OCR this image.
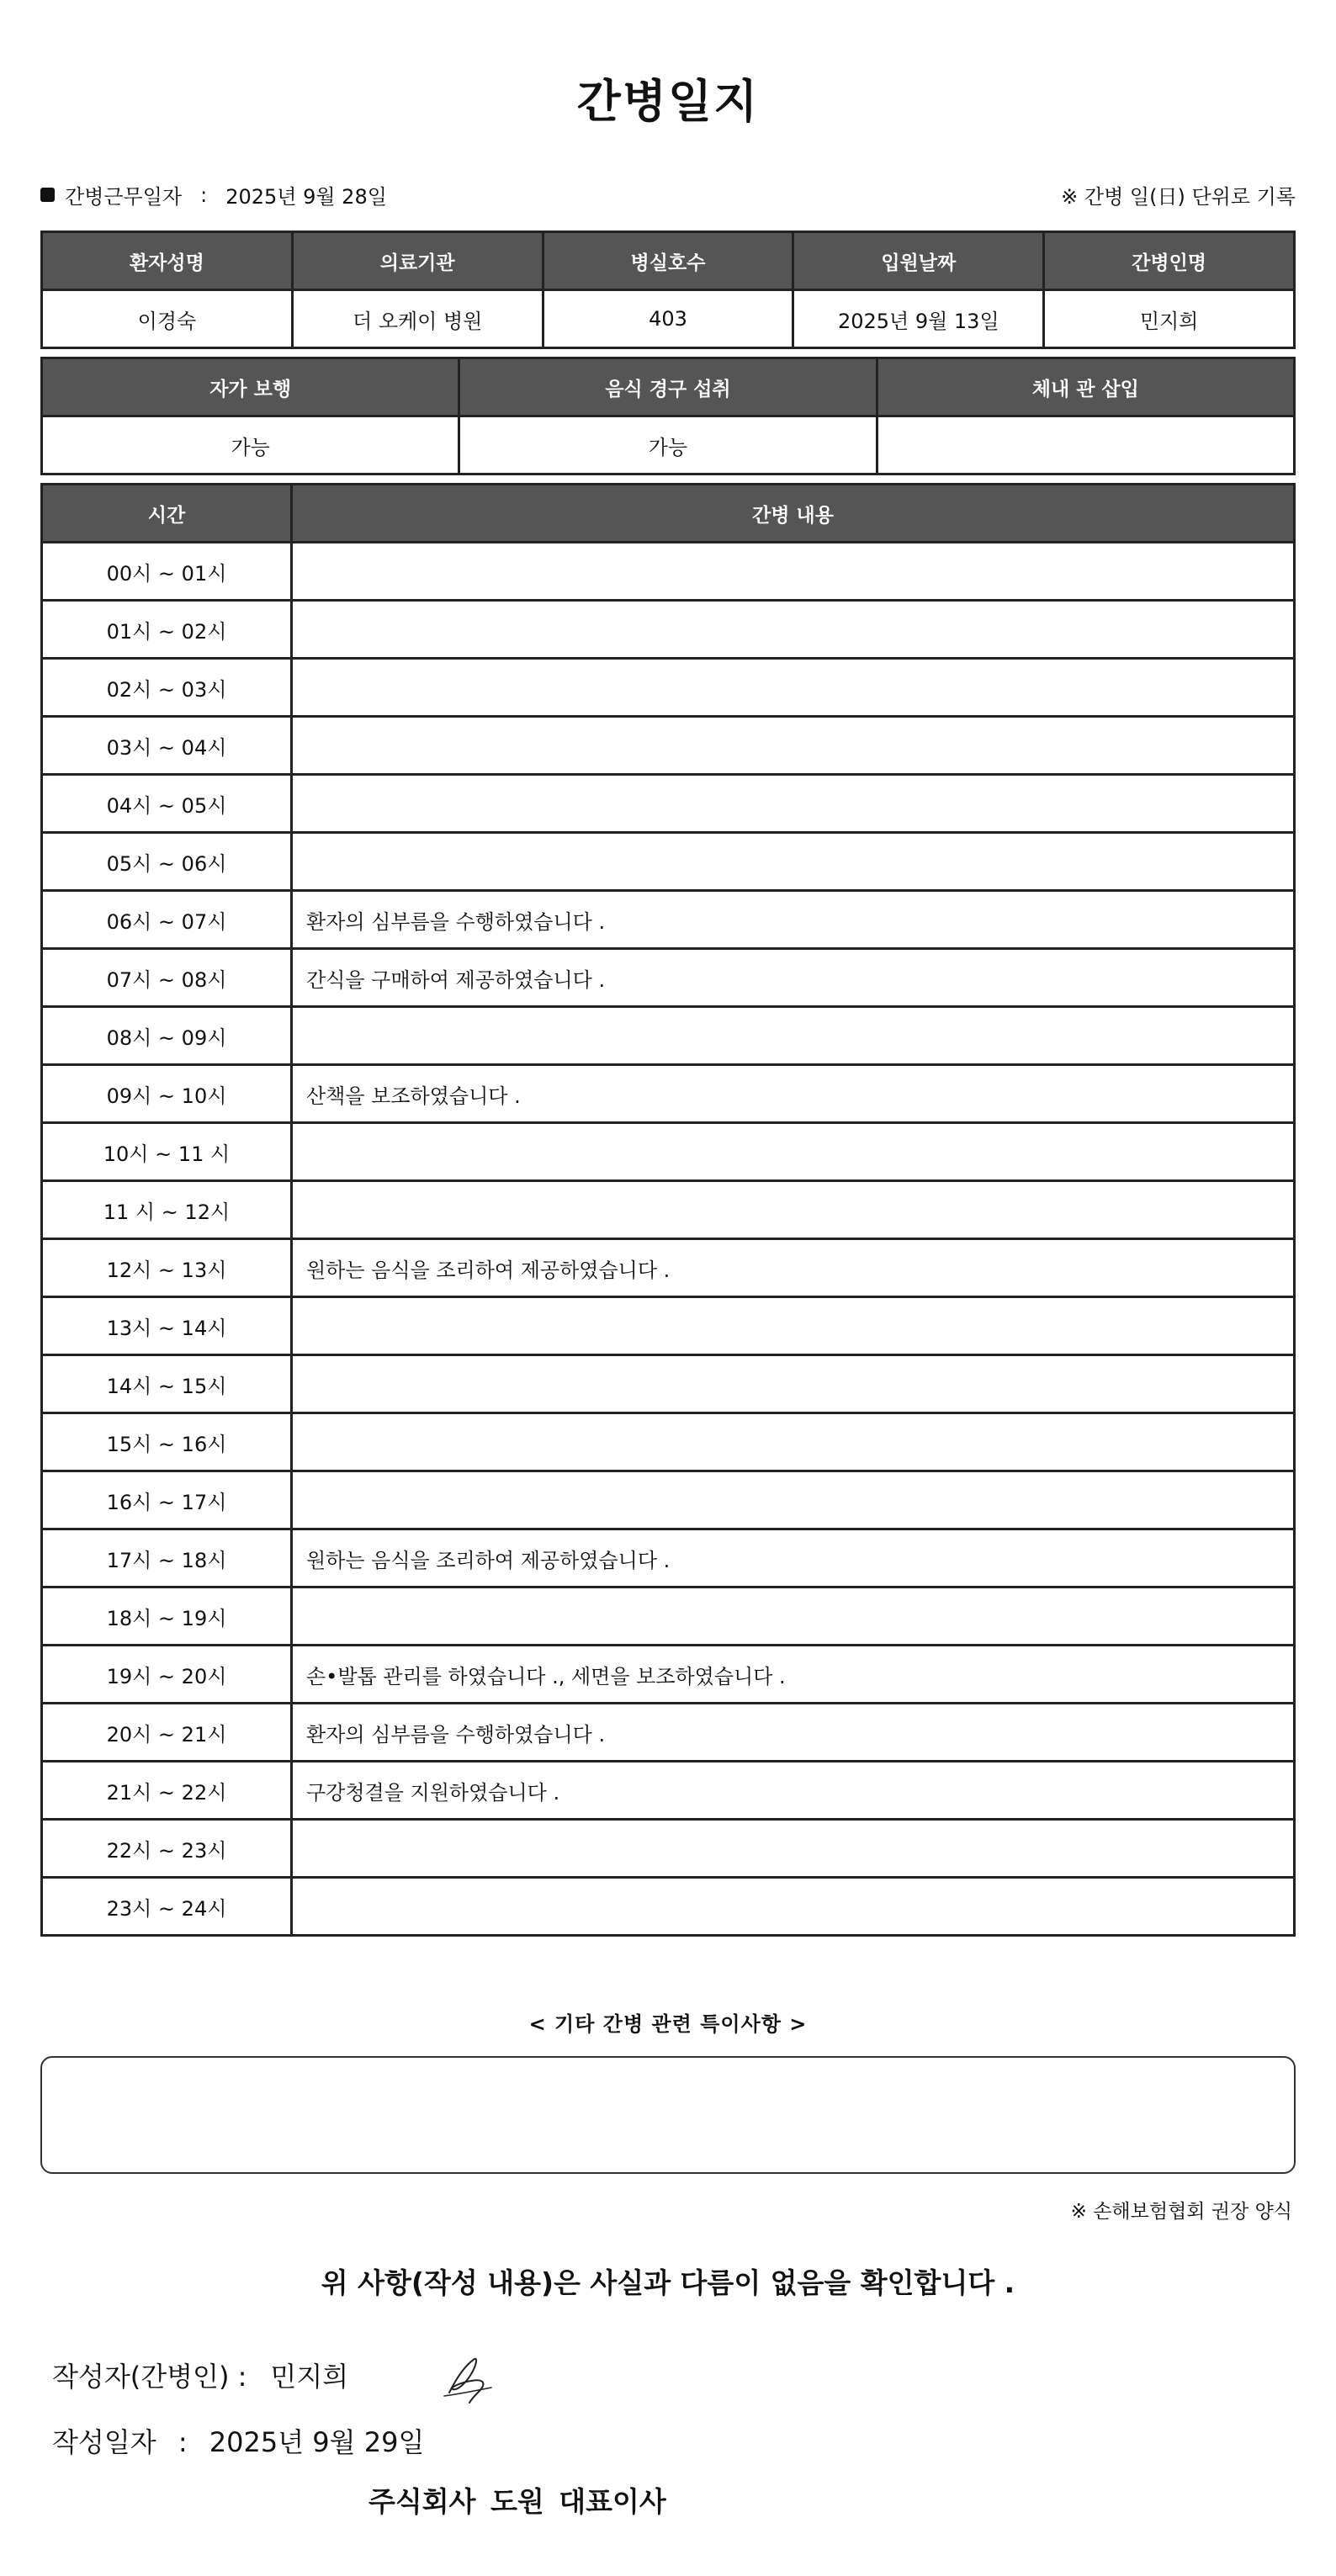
간병일지
간병근무일자 : 2025년 9월 28일	※ 간병 일(日) 단위로 기록
환자성명	의료기관	병실호수	입원날짜	간병인명
이경숙	더 오케이 병원	403	2025년 9월 13일	민지희
자가 보행	음식 경구 섭취	체내 관 삽입
가능	가능	
시간	간병 내용
00시 ~ 01시	
01시 ~ 02시	
02시 ~ 03시	
03시 ~ 04시	
04시 ~ 05시	
05시 ~ 06시	
06시 ~ 07시	환자의 심부름을 수행하였습니다 .
07시 ~ 08시	간식을 구매하여 제공하였습니다 .
08시 ~ 09시	
09시 ~ 10시	산책을 보조하였습니다 .
10시 ~ 11 시	
11 시 ~ 12시	
12시 ~ 13시	원하는 음식을 조리하여 제공하였습니다 .
13시 ~ 14시	
14시 ~ 15시	
15시 ~ 16시	
16시 ~ 17시	
17시 ~ 18시	원하는 음식을 조리하여 제공하였습니다 .
18시 ~ 19시	
19시 ~ 20시	손•발톱 관리를 하였습니다 ., 세면을 보조하였습니다 .
20시 ~ 21시	환자의 심부름을 수행하였습니다 .
21시 ~ 22시	구강청결을 지원하였습니다 .
22시 ~ 23시	
23시 ~ 24시	
< 기타 간병 관련 특이사항 >
※ 손해보험협회 권장 양식
위 사항(작성 내용)은 사실과 다름이 없음을 확인합니다 .
작성자(간병인) : 민지희
작성일자 : 2025년 9월 29일
주식회사 도원 대표이사
